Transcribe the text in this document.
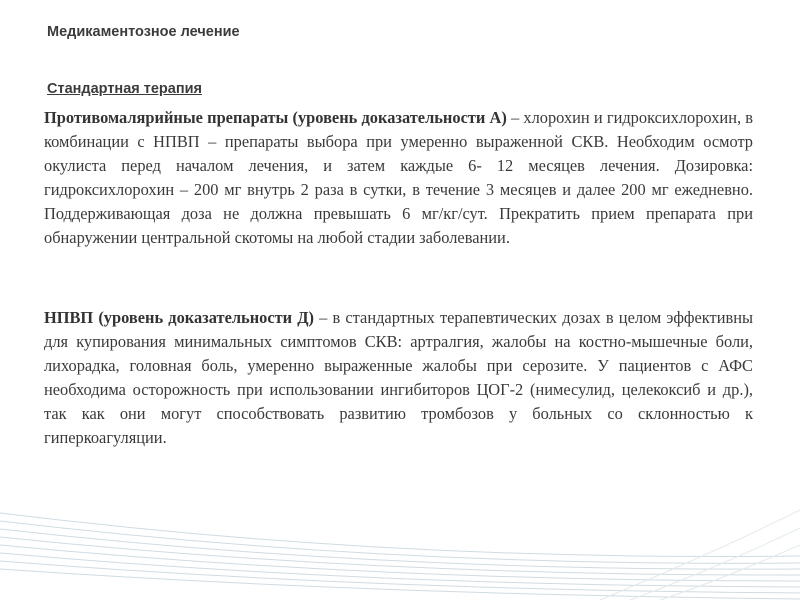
Медикаментозное лечение
Стандартная терапия
Противомалярийные препараты (уровень доказательности А) – хлорохин и гидроксихлорохин, в комбинации с НПВП – препараты выбора при умеренно выраженной СКВ. Необходим осмотр окулиста перед началом лечения, и затем каждые 6- 12 месяцев лечения. Дозировка: гидроксихлорохин – 200 мг внутрь 2 раза в сутки, в течение 3 месяцев и далее 200 мг ежедневно. Поддерживающая доза не должна превышать 6 мг/кг/сут. Прекратить прием препарата при обнаружении центральной скотомы на любой стадии заболевании.
НПВП (уровень доказательности Д) – в стандартных терапевтических дозах в целом эффективны для купирования минимальных симптомов СКВ: артралгия, жалобы на костно-мышечные боли, лихорадка, головная боль, умеренно выраженные жалобы при серозите. У пациентов с АФС необходима осторожность при использовании ингибиторов ЦОГ-2 (нимесулид, целекоксиб и др.), так как они могут способствовать развитию тромбозов у больных со склонностью к гиперкоагуляции.
